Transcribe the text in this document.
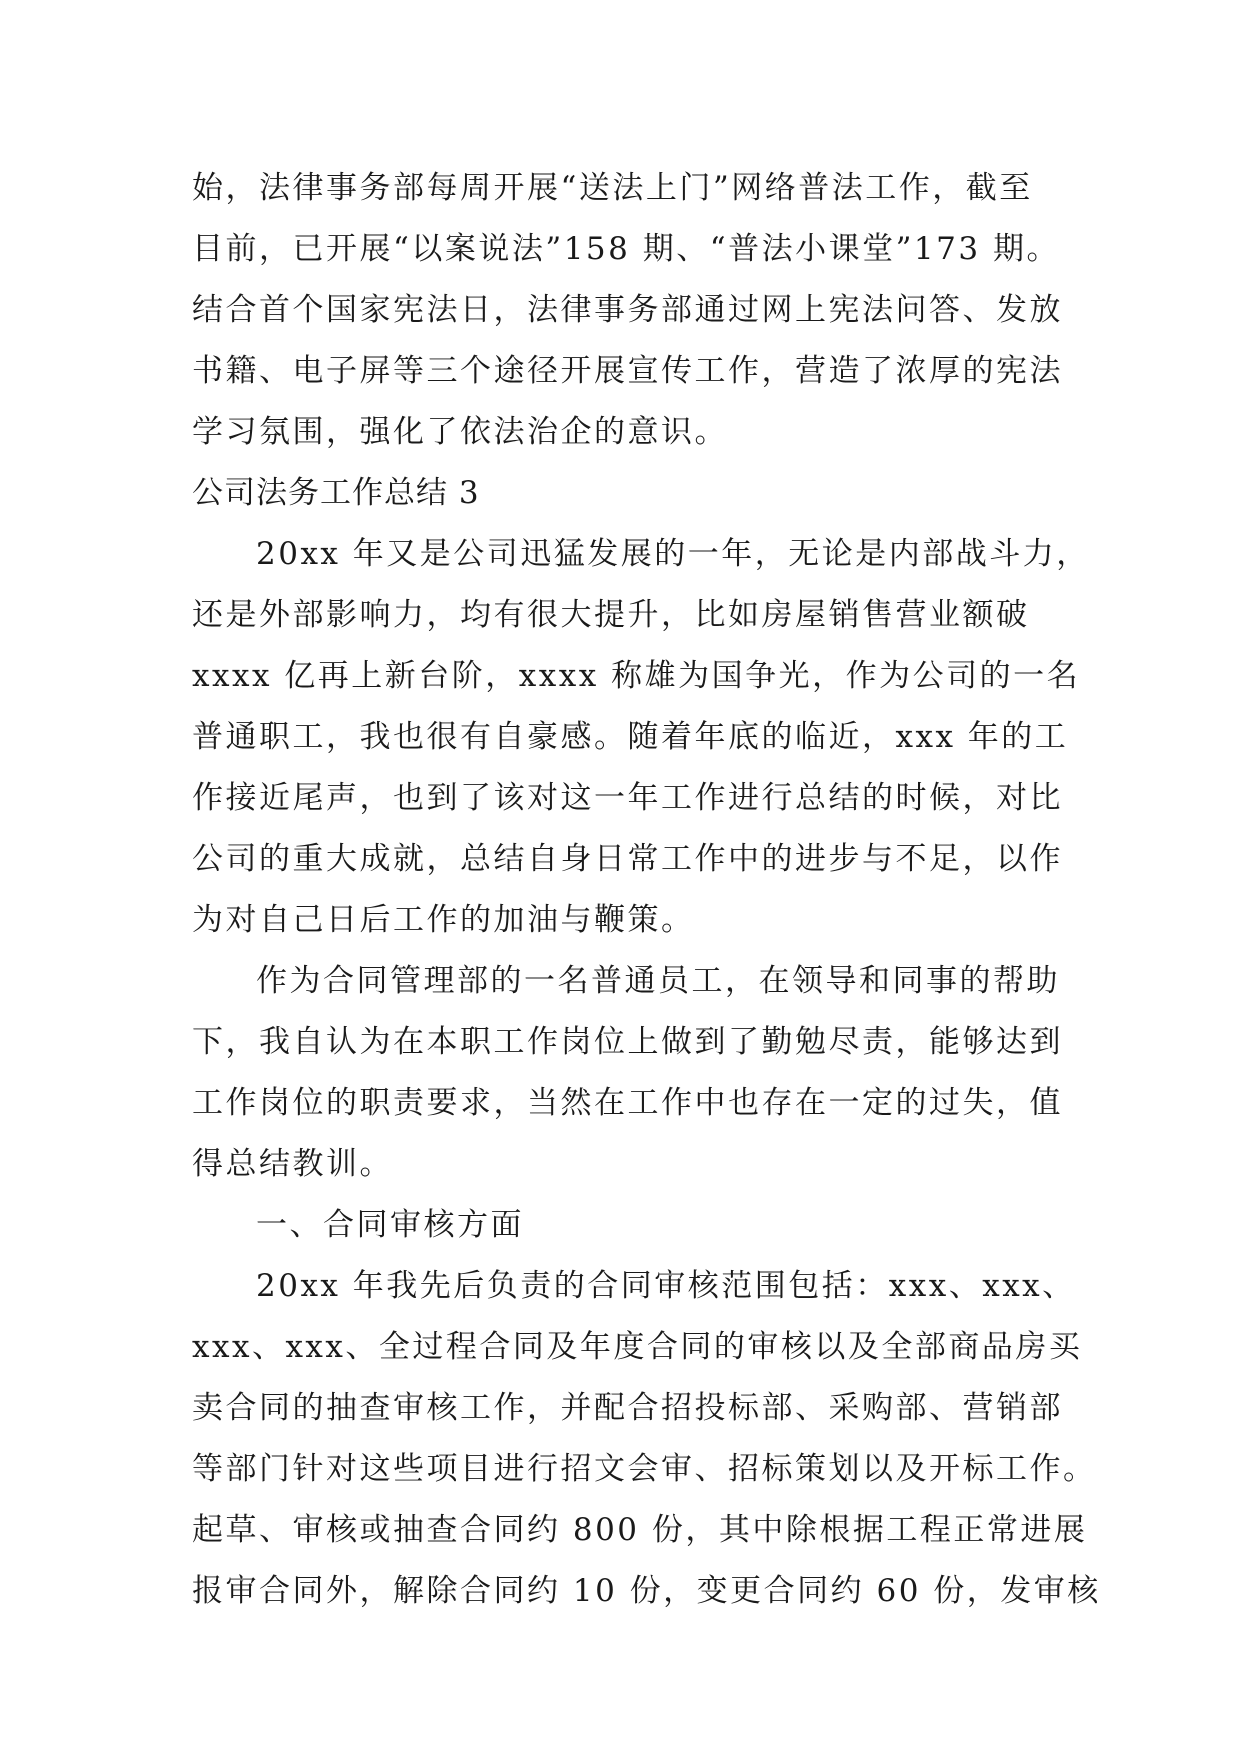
始，法律事务部每周开展“送法上门”网络普法工作，截至
目前，已开展“以案说法”158 期、“普法小课堂”173 期。
结合首个国家宪法日，法律事务部通过网上宪法问答、发放
书籍、电子屏等三个途径开展宣传工作，营造了浓厚的宪法
学习氛围，强化了依法治企的意识。
公司法务工作总结 3
20xx 年又是公司迅猛发展的一年，无论是内部战斗力，
还是外部影响力，均有很大提升，比如房屋销售营业额破
xxxx 亿再上新台阶，xxxx 称雄为国争光，作为公司的一名
普通职工，我也很有自豪感。随着年底的临近，xxx 年的工
作接近尾声，也到了该对这一年工作进行总结的时候，对比
公司的重大成就，总结自身日常工作中的进步与不足，以作
为对自己日后工作的加油与鞭策。
作为合同管理部的一名普通员工，在领导和同事的帮助
下，我自认为在本职工作岗位上做到了勤勉尽责，能够达到
工作岗位的职责要求，当然在工作中也存在一定的过失，值
得总结教训。
一、合同审核方面
20xx 年我先后负责的合同审核范围包括：xxx、xxx、
xxx、xxx、全过程合同及年度合同的审核以及全部商品房买
卖合同的抽查审核工作，并配合招投标部、采购部、营销部
等部门针对这些项目进行招文会审、招标策划以及开标工作。
起草、审核或抽查合同约 800 份，其中除根据工程正常进展
报审合同外，解除合同约 10 份，变更合同约 60 份，发审核
